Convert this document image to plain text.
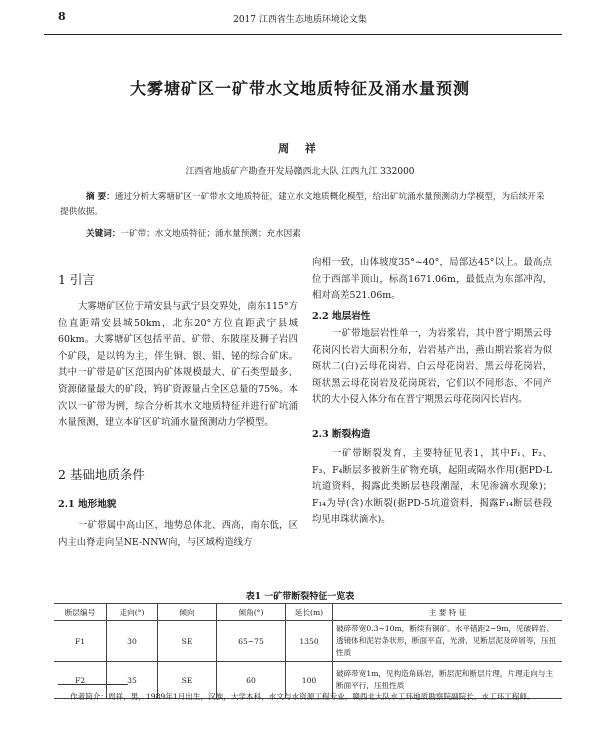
8	2017 江西省生态地质环境论文集
大雾塘矿区一矿带水文地质特征及涌水量预测
周 祥
江西省地质矿产勘查开发局赣西北大队 江西九江 332000
摘 要：通过分析大雾塘矿区一矿带水文地质特征，建立水文地质概化模型，给出矿坑涌水量预测动力学模型，为后续开采提供依据。
关键词：一矿带；水文地质特征；涌水量预测；充水因素
1 引言

大雾塘矿区位于靖安县与武宁县交界处，南东115°方位直距靖安县城50km，北东20°方位直距武宁县城60km。大雾塘矿区包括平苗、矿带、东陂崖及狮子岩四个矿段，是以钨为主，伴生铜、银、钼、铋的综合矿床。其中一矿带是矿区范围内矿体规模最大、矿石类型最多、资源储量最大的矿段，钨矿资源量占全区总量的75%。本次以一矿带为例，综合分析其水文地质特征并进行矿坑涌水量预测，建立本矿区矿坑涌水量预测动力学模型。

2 基础地质条件
2.1 地形地貌

一矿带属中高山区，地势总体北、西高，南东低，区内主山脊走向呈NE-NNW向，与区域构造线方

向相一致，山体坡度35°~40°，局部达45°以上。最高点位于西部半顶山，标高1671.06m，最低点为东部冲沟，相对高差521.06m。

2.2 地层岩性

一矿带地层岩性单一，为岩浆岩，其中晋宁期黑云母花岗闪长岩大面积分布，岩岩基产出，燕山期岩浆岩为似斑状二(白)云母花岗岩、白云母花岗岩、黑云母花岗岩，斑状黑云母花岗岩及花岗斑岩，它们以不同形态、不同产状的大小侵入体分布在晋宁期黑云母花岗闪长岩内。

2.3 断裂构造

一矿带断裂发育，主要特征见表1，其中F₁、F₂、F₃、F₄断层多被新生矿物充填，起阻或隔水作用(据PD-L坑道资料，揭露此类断层巷段潮湿，未见渗滴水现象)；F₁₄为导(含)水断裂(据PD-5坑道资料，揭露F₁₄断层巷段均见串珠状滴水)。

表1 一矿带断裂特征一览表
断层编号	走向(°)	倾向	倾角(°)	延长(m)	主 要 特 征
F1	30	SE	65~75	1350	破碎带宽0.3~10m，断续有铜矿。水平错距2~9m，见破碎岩、透镜体和泥岩条状形，断面平直，光滑，见断层泥及碎屑等，压扭性质
F2	35	SE	60	100	破碎带宽1m，见构造角砾岩，断层泥和断层片理，片理走向与主断面平行，压扭性质
作者简介：周祥，男，1989年1月出生，汉族，大学本科，水文与水资源工程专业，赣西北大队水工环地质勘察院副院长，水工环工程师。
